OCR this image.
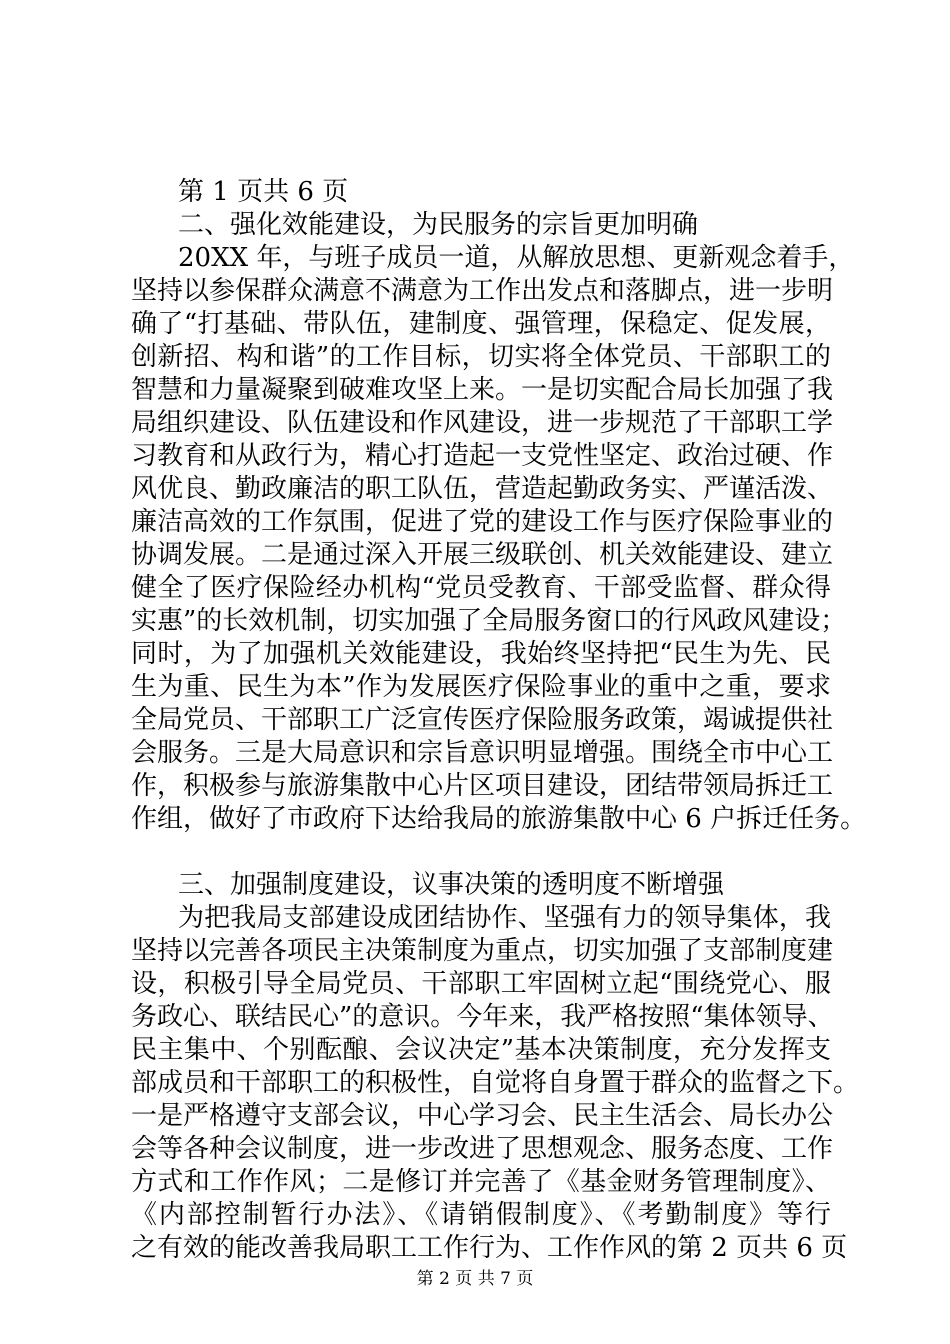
第 1 页共 6 页
二、强化效能建设，为民服务的宗旨更加明确
20XX 年，与班子成员一道，从解放思想、更新观念着手，
坚持以参保群众满意不满意为工作出发点和落脚点，进一步明
确了“打基础、带队伍，建制度、强管理，保稳定、促发展，
创新招、构和谐”的工作目标，切实将全体党员、干部职工的
智慧和力量凝聚到破难攻坚上来。一是切实配合局长加强了我
局组织建设、队伍建设和作风建设，进一步规范了干部职工学
习教育和从政行为，精心打造起一支党性坚定、政治过硬、作
风优良、勤政廉洁的职工队伍，营造起勤政务实、严谨活泼、
廉洁高效的工作氛围，促进了党的建设工作与医疗保险事业的
协调发展。二是通过深入开展三级联创、机关效能建设、建立
健全了医疗保险经办机构“党员受教育、干部受监督、群众得
实惠”的长效机制，切实加强了全局服务窗口的行风政风建设；
同时，为了加强机关效能建设，我始终坚持把“民生为先、民
生为重、民生为本”作为发展医疗保险事业的重中之重，要求
全局党员、干部职工广泛宣传医疗保险服务政策，竭诚提供社
会服务。三是大局意识和宗旨意识明显增强。围绕全市中心工
作，积极参与旅游集散中心片区项目建设，团结带领局拆迁工
作组，做好了市政府下达给我局的旅游集散中心 6 户拆迁任务。
三、加强制度建设，议事决策的透明度不断增强
为把我局支部建设成团结协作、坚强有力的领导集体，我
坚持以完善各项民主决策制度为重点，切实加强了支部制度建
设，积极引导全局党员、干部职工牢固树立起“围绕党心、服
务政心、联结民心”的意识。今年来，我严格按照“集体领导、
民主集中、个别酝酿、会议决定”基本决策制度，充分发挥支
部成员和干部职工的积极性，自觉将自身置于群众的监督之下。
一是严格遵守支部会议，中心学习会、民主生活会、局长办公
会等各种会议制度，进一步改进了思想观念、服务态度、工作
方式和工作作风；二是修订并完善了《基金财务管理制度》、
《内部控制暂行办法》、《请销假制度》、《考勤制度》等行
之有效的能改善我局职工工作行为、工作作风的第 2 页共 6 页
第 2 页 共 7 页
